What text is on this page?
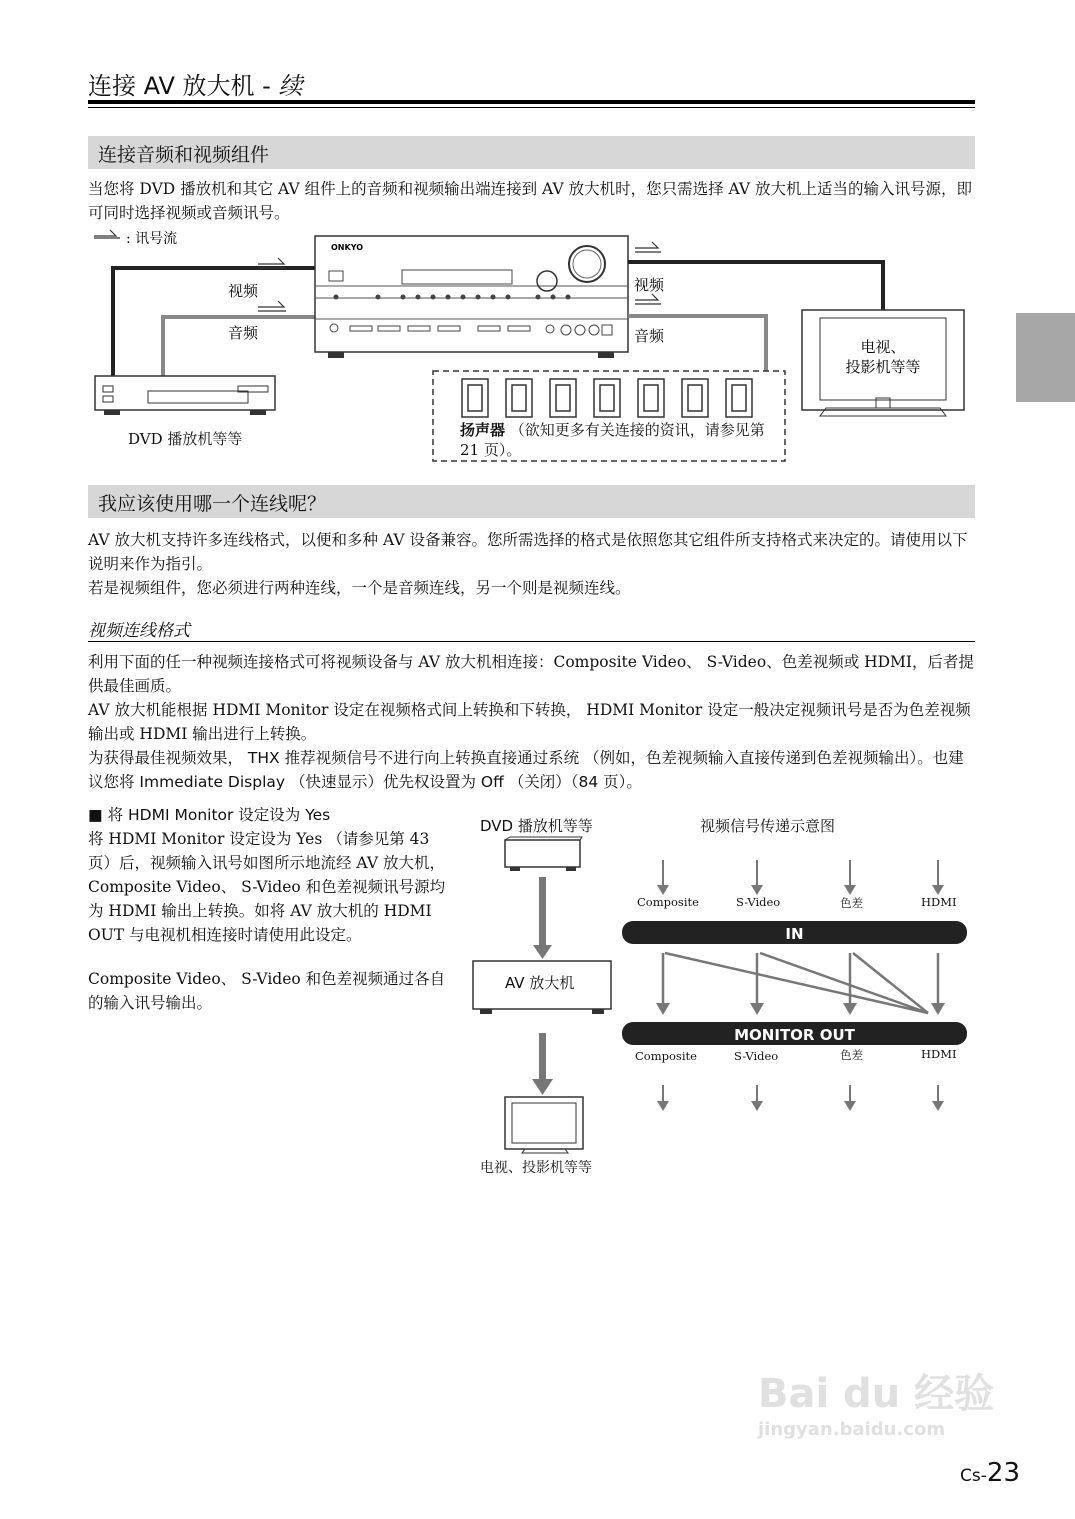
连接 AV 放大机 - 续
连接音频和视频组件
当您将 DVD 播放机和其它 AV 组件上的音频和视频输出端连接到 AV 放大机时，您只需选择 AV 放大机上适当的输入讯号源，即可同时选择视频或音频讯号。
: 讯号流
视频
音频
ONKYO
视频
音频
电视、
投影机等等
DVD 播放机等等	扬声器 （欲知更多有关连接的资讯，请参见第 21 页）。
我应该使用哪一个连线呢？
AV 放大机支持许多连线格式，以便和多种 AV 设备兼容。您所需选择的格式是依照您其它组件所支持格式来决定的。请使用以下说明来作为指引。
若是视频组件，您必须进行两种连线，一个是音频连线，另一个则是视频连线。
视频连线格式
利用下面的任一种视频连接格式可将视频设备与 AV 放大机相连接：Composite Video、 S-Video、色差视频或 HDMI，后者提供最佳画质。
AV 放大机能根据 HDMI Monitor 设定在视频格式间上转换和下转换， HDMI Monitor 设定一般决定视频讯号是否为色差视频输出或 HDMI 输出进行上转换。
为获得最佳视频效果， THX 推荐视频信号不进行向上转换直接通过系统 （例如，色差视频输入直接传递到色差视频输出）。也建议您将 Immediate Display （快速显示）优先权设置为 Off （关闭）（84 页）。
■ 将 HDMI Monitor 设定设为 Yes
将 HDMI Monitor 设定设为 Yes （请参见第 43 页）后，视频输入讯号如图所示地流经 AV 放大机， Composite Video、 S-Video 和色差视频讯号源均为 HDMI 输出上转换。如将 AV 放大机的 HDMI OUT 与电视机相连接时请使用此设定。
Composite Video、 S-Video 和色差视频通过各自的输入讯号输出。
DVD 播放机等等	视频信号传递示意图
AV 放大机
电视、投影机等等
IN
MONITOR OUT
Composite	S-Video	色差	HDMI
Composite	S-Video	色差	HDMI
Bai du 经验
jingyan.baidu.com
Cs-23
